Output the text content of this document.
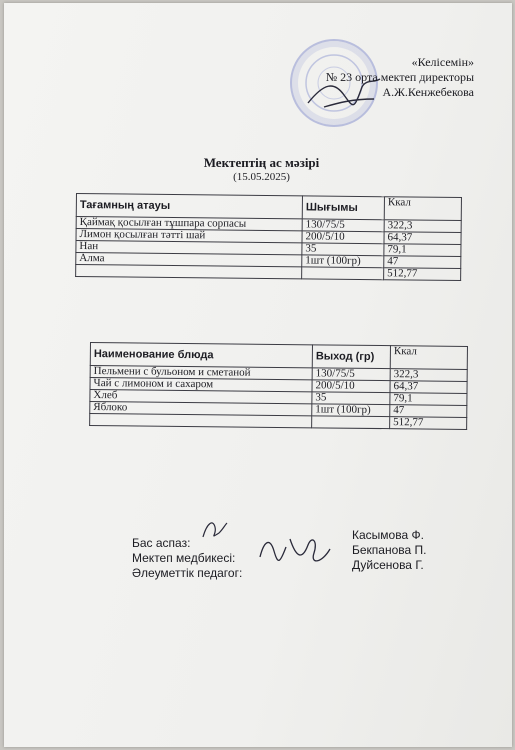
«Келісемін»
№ 23 орта мектеп директоры
А.Ж.Кенжебекова
Мектептің ас мәзірі
(15.05.2025)
Тағамның атауы	Шығымы	Ккал
Қаймақ қосылған тұшпара сорпасы	130/75/5	322,3
Лимон қосылған тәтті шай	200/5/10	64,37
Нан	35	79,1
Алма	1шт (100гр)	47
		512,77
Наименование блюда	Выход (гр)	Ккал
Пельмени с бульоном и сметаной	130/75/5	322,3
Чай с лимоном и сахаром	200/5/10	64,37
Хлеб	35	79,1
Яблоко	1шт (100гр)	47
		512,77
Бас аспаз:
Мектеп медбикесі:
Әлеуметтік педагог:
Касымова Ф.
Бекпанова П.
Дуйсенова Г.
